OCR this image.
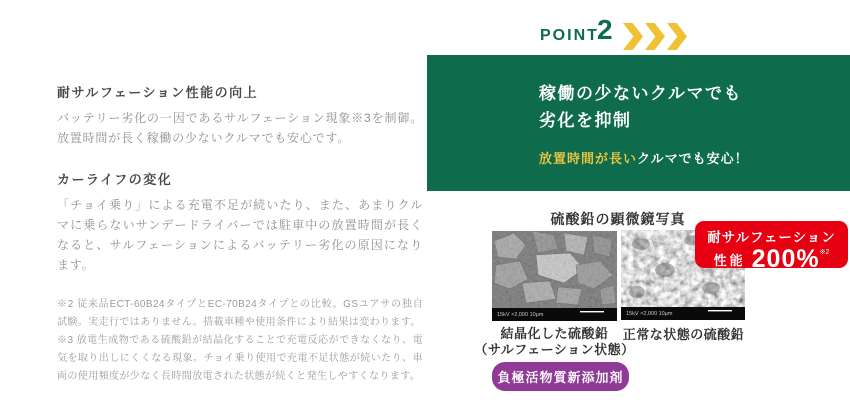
耐サルフェーション性能の向上

バッテリー劣化の一因であるサルフェーション現象※3を制御。放置時間が長く稼働の少ないクルマでも安心です。

カーライフの変化

「チョイ乗り」による充電不足が続いたり、また、あまりクルマに乗らないサンデードライバーでは駐車中の放置時間が長くなると、サルフェーションによるバッテリー劣化の原因になります。

※2 従来品ECT-60B24タイプとEC-70B24タイプとの比較。GSユアサの独自試験。実走行ではありません。搭載車種や使用条件により結果は変わります。

※3 放電生成物である硫酸鉛が結晶化することで充電反応ができなくなり、電気を取り出しにくくなる現象。チョイ乗り使用で充電不足状態が続いたり、車両の使用頻度が少なく長時間放電された状態が続くと発生しやすくなります。

POINT
2
稼働の少ないクルマでも
劣化を抑制
放置時間が長いクルマでも安心！
硫酸鉛の顕微鏡写真
15kV ×2,000 10μm	15kV ×2,000 10μm
耐サルフェーション
性能 200% ※2
結晶化した硫酸鉛
（サルフェーション状態）
正常な状態の硫酸鉛
負極活物質新添加剤
